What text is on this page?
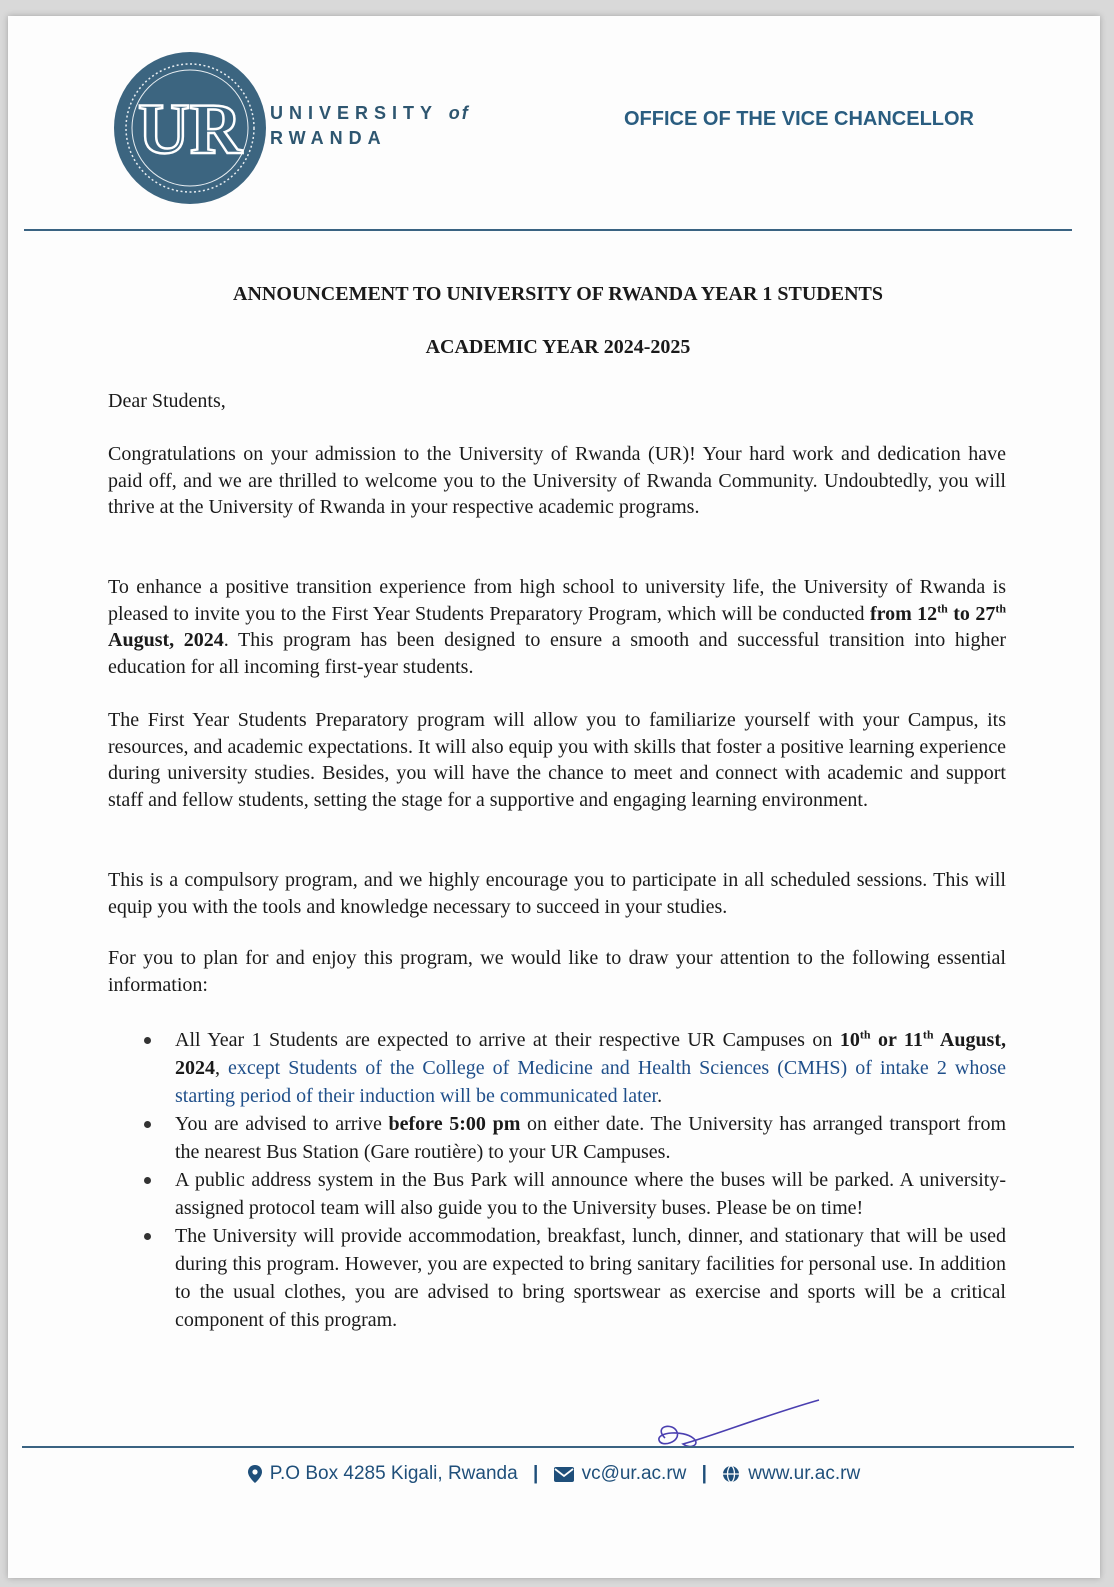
UR UNIVERSITY of
RWANDA
OFFICE OF THE VICE CHANCELLOR
ANNOUNCEMENT TO UNIVERSITY OF RWANDA YEAR 1 STUDENTS
ACADEMIC YEAR 2024-2025
Dear Students,
Congratulations on your admission to the University of Rwanda (UR)! Your hard work and dedication have paid off, and we are thrilled to welcome you to the University of Rwanda Community. Undoubtedly, you will thrive at the University of Rwanda in your respective academic programs.
To enhance a positive transition experience from high school to university life, the University of Rwanda is pleased to invite you to the First Year Students Preparatory Program, which will be conducted from 12th to 27th August, 2024. This program has been designed to ensure a smooth and successful transition into higher education for all incoming first-year students.
The First Year Students Preparatory program will allow you to familiarize yourself with your Campus, its resources, and academic expectations. It will also equip you with skills that foster a positive learning experience during university studies. Besides, you will have the chance to meet and connect with academic and support staff and fellow students, setting the stage for a supportive and engaging learning environment.
This is a compulsory program, and we highly encourage you to participate in all scheduled sessions. This will equip you with the tools and knowledge necessary to succeed in your studies.
For you to plan for and enjoy this program, we would like to draw your attention to the following essential information:
All Year 1 Students are expected to arrive at their respective UR Campuses on 10th or 11th August, 2024, except Students of the College of Medicine and Health Sciences (CMHS) of intake 2 whose starting period of their induction will be communicated later.
You are advised to arrive before 5:00 pm on either date. The University has arranged transport from the nearest Bus Station (Gare routière) to your UR Campuses.
A public address system in the Bus Park will announce where the buses will be parked. A university-assigned protocol team will also guide you to the University buses. Please be on time!
The University will provide accommodation, breakfast, lunch, dinner, and stationary that will be used during this program. However, you are expected to bring sanitary facilities for personal use. In addition to the usual clothes, you are advised to bring sportswear as exercise and sports will be a critical component of this program.
P.O Box 4285 Kigali, Rwanda | vc@ur.ac.rw | www.ur.ac.rw
